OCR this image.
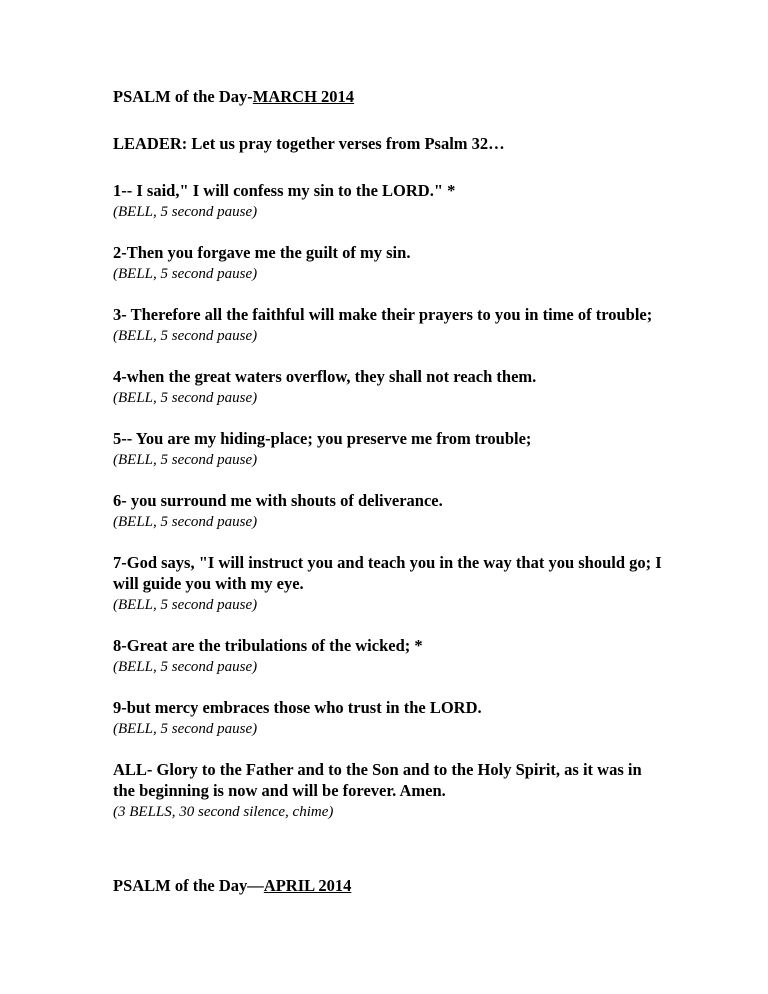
PSALM of the Day-MARCH 2014

LEADER: Let us pray together verses from Psalm 32…

1-- I said," I will confess my sin to the LORD." *

(BELL, 5 second pause)

2-Then you forgave me the guilt of my sin.

(BELL, 5 second pause)

3- Therefore all the faithful will make their prayers to you in time of trouble;

(BELL, 5 second pause)

4-when the great waters overflow, they shall not reach them.

(BELL, 5 second pause)

5-- You are my hiding-place; you preserve me from trouble;

(BELL, 5 second pause)

6- you surround me with shouts of deliverance.

(BELL, 5 second pause)

7-God says, "I will instruct you and teach you in the way that you should go; I will guide you with my eye.

(BELL, 5 second pause)

8-Great are the tribulations of the wicked; *

(BELL, 5 second pause)

9-but mercy embraces those who trust in the LORD.

(BELL, 5 second pause)

ALL- Glory to the Father and to the Son and to the Holy Spirit, as it was in the beginning is now and will be forever. Amen.

(3 BELLS, 30 second silence, chime)

PSALM of the Day—APRIL 2014
